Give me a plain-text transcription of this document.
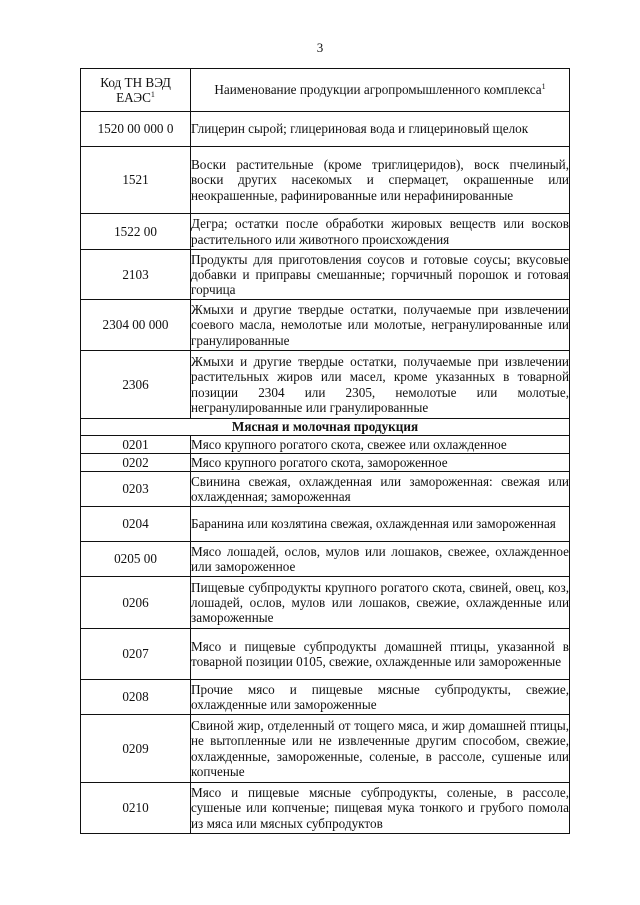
3
Код ТН ВЭД ЕАЭС$^1$	Наименование продукции агропромышленного комплекса$^1$

1520 00 000 0	Глицерин сырой; глицериновая вода и глицериновый щелок
1521	Воски растительные (кроме триглицеридов), воск пчелиный, воски других насекомых и спермацет, окрашенные или неокрашенные, рафинированные или нерафинированные
1522 00	Дегра; остатки после обработки жировых веществ или восков растительного или животного происхождения
2103	Продукты для приготовления соусов и готовые соусы; вкусовые добавки и приправы смешанные; горчичный порошок и готовая горчица
2304 00 000	Жмыхи и другие твердые остатки, получаемые при извлечении соевого масла, немолотые или молотые, негранулированные или гранулированные
2306	Жмыхи и другие твердые остатки, получаемые при извлечении растительных жиров или масел, кроме указанных в товарной позиции 2304 или 2305, немолотые или молотые, негранулированные или гранулированные
Мясная и молочная продукция	
0201	Мясо крупного рогатого скота, свежее или охлажденное
0202	Мясо крупного рогатого скота, замороженное
0203	Свинина свежая, охлажденная или замороженная: свежая или охлажденная; замороженная
0204	Баранина или козлятина свежая, охлажденная или замороженная
0205 00	Мясо лошадей, ослов, мулов или лошаков, свежее, охлажденное или замороженное
0206	Пищевые субпродукты крупного рогатого скота, свиней, овец, коз, лошадей, ослов, мулов или лошаков, свежие, охлажденные или замороженные
0207	Мясо и пищевые субпродукты домашней птицы, указанной в товарной позиции 0105, свежие, охлажденные или замороженные
0208	Прочие мясо и пищевые мясные субпродукты, свежие, охлажденные или замороженные
0209	Свиной жир, отделенный от тощего мяса, и жир домашней птицы, не вытопленные или не извлеченные другим способом, свежие, охлажденные, замороженные, соленые, в рассоле, сушеные или копченые
0210	Мясо и пищевые мясные субпродукты, соленые, в рассоле, сушеные или копченые; пищевая мука тонкого и грубого помола из мяса или мясных субпродуктов
